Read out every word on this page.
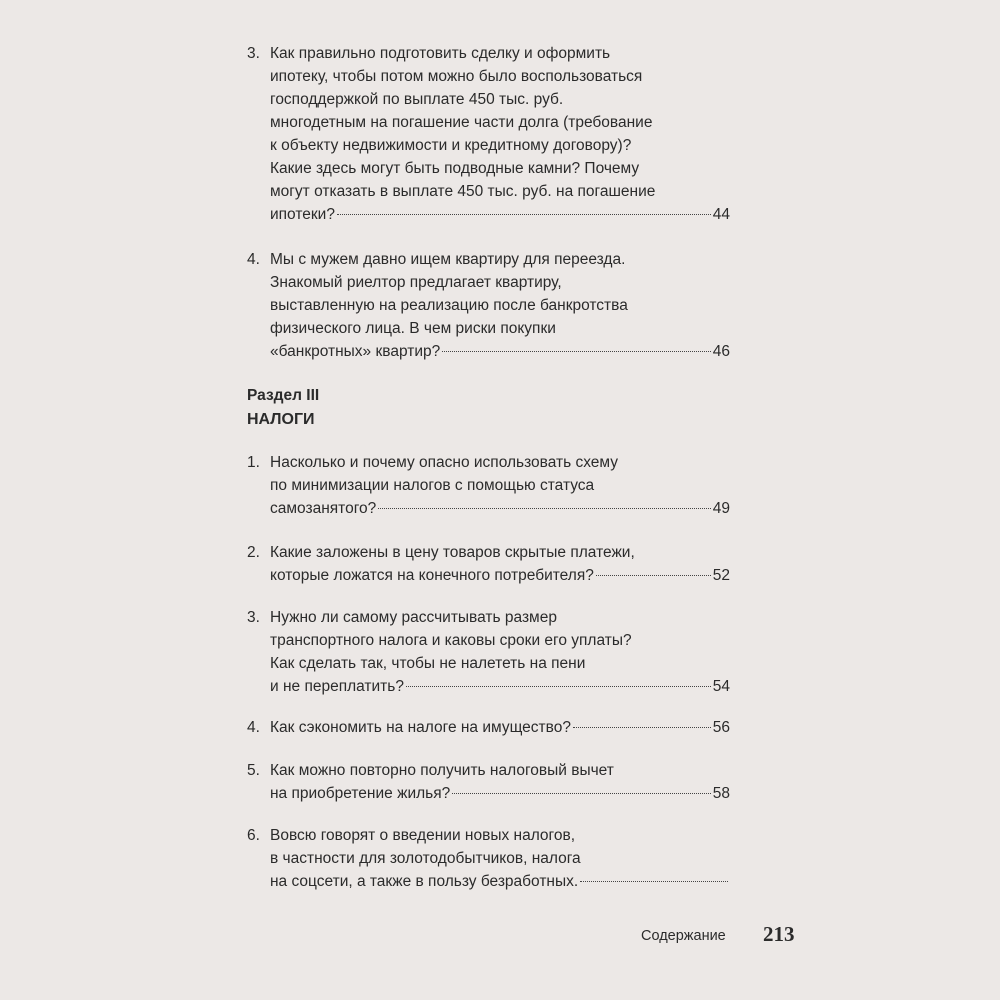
3. Как правильно подготовить сделку и оформить
ипотеку, чтобы потом можно было воспользоваться
господдержкой по выплате 450 тыс. руб.
многодетным на погашение части долга (требование
к объекту недвижимости и кредитному договору)?
Какие здесь могут быть подводные камни? Почему
могут отказать в выплате 450 тыс. руб. на погашение
ипотеки?	44
4. Мы с мужем давно ищем квартиру для переезда.
Знакомый риелтор предлагает квартиру,
выставленную на реализацию после банкротства
физического лица. В чем риски покупки
«банкротных» квартир?	46
Раздел III
НАЛОГИ
1. Насколько и почему опасно использовать схему
по минимизации налогов с помощью статуса
самозанятого?	49
2. Какие заложены в цену товаров скрытые платежи,
которые ложатся на конечного потребителя?	52
3. Нужно ли самому рассчитывать размер
транспортного налога и каковы сроки его уплаты?
Как сделать так, чтобы не налететь на пени
и не переплатить?	54
4. Как сэкономить на налоге на имущество?	56
5. Как можно повторно получить налоговый вычет
на приобретение жилья?	58
6. Вовсю говорят о введении новых налогов,
в частности для золотодобытчиков, налога
на соцсети, а также в пользу безработных.
Содержание 213
